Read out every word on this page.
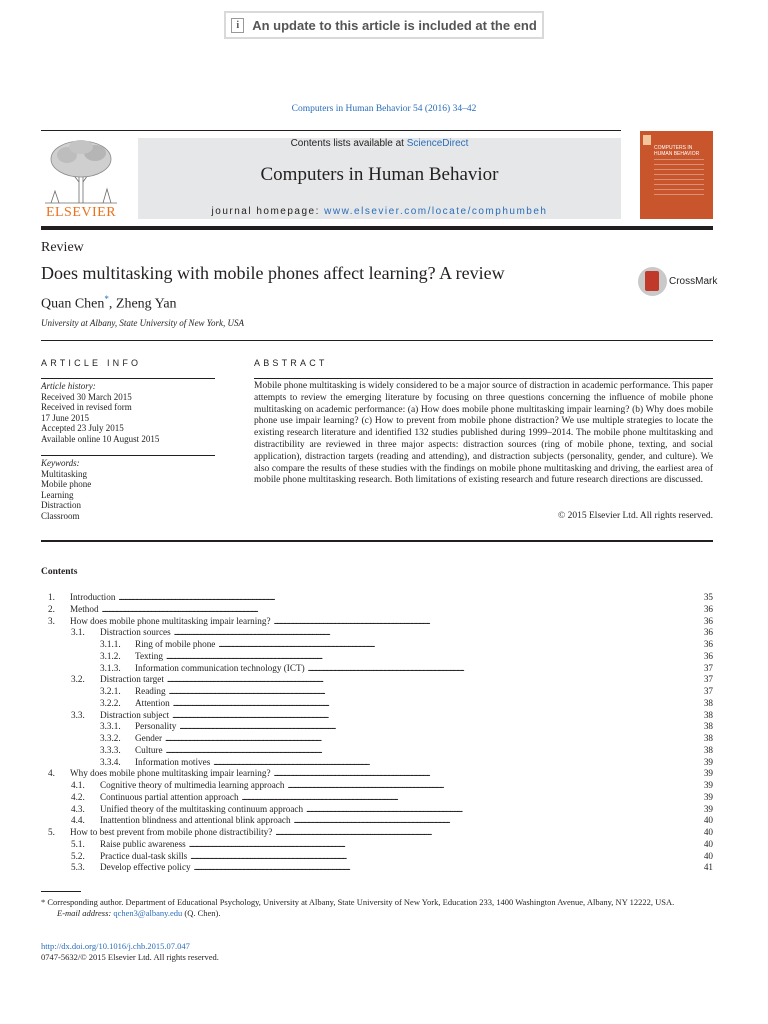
i	An update to this article is included at the end
Computers in Human Behavior 54 (2016) 34–42
ELSEVIER
Contents lists available at ScienceDirect
Computers in Human Behavior
journal homepage: www.elsevier.com/locate/comphumbeh
COMPUTERS IN HUMAN BEHAVIOR
Review
Does multitasking with mobile phones affect learning? A review	CrossMark
Quan Chen*, Zheng Yan
University at Albany, State University of New York, USA
ARTICLE INFO	ABSTRACT
Article history:
Received 30 March 2015
Received in revised form
17 June 2015
Accepted 23 July 2015
Available online 10 August 2015
Keywords:
Multitasking
Mobile phone
Learning
Distraction
Classroom
Mobile phone multitasking is widely considered to be a major source of distraction in academic performance. This paper attempts to review the emerging literature by focusing on three questions concerning the influence of mobile phone multitasking on academic performance: (a) How does mobile phone multitasking impair learning? (b) Why does mobile phone use impair learning? (c) How to prevent from mobile phone distraction? We use multiple strategies to locate the existing research literature and identified 132 studies published during 1999–2014. The mobile phone multitasking and distractibility are reviewed in three major aspects: distraction sources (ring of mobile phone, texting, and social application), distraction targets (reading and attending), and distraction subjects (personality, gender, and culture). We also compare the results of these studies with the findings on mobile phone multitasking and driving, the earliest area of mobile phone multitasking research. Both limitations of existing research and future research directions are discussed.
© 2015 Elsevier Ltd. All rights reserved.
Contents
1. Introduction . . .	35
2. Method . . .	36
3. How does mobile phone multitasking impair learning? . . .	36
3.1. Distraction sources . . .	36
3.1.1. Ring of mobile phone . . .	36
3.1.2. Texting . . .	36
3.1.3. Information communication technology (ICT) . . .	37
3.2. Distraction target . . .	37
3.2.1. Reading . . .	37
3.2.2. Attention . . .	38
3.3. Distraction subject . . .	38
3.3.1. Personality . . .	38
3.3.2. Gender . . .	38
3.3.3. Culture . . .	38
3.3.4. Information motives . . .	39
4. Why does mobile phone multitasking impair learning? . . .	39
4.1. Cognitive theory of multimedia learning approach . . .	39
4.2. Continuous partial attention approach . . .	39
4.3. Unified theory of the multitasking continuum approach . . .	39
4.4. Inattention blindness and attentional blink approach . . .	40
5. How to best prevent from mobile phone distractibility? . . .	40
5.1. Raise public awareness . . .	40
5.2. Practice dual-task skills . . .	40
5.3. Develop effective policy . . .	41
* Corresponding author. Department of Educational Psychology, University at Albany, State University of New York, Education 233, 1400 Washington Avenue, Albany, NY 12222, USA.
E-mail address: qchen3@albany.edu (Q. Chen).
http://dx.doi.org/10.1016/j.chb.2015.07.047
0747-5632/© 2015 Elsevier Ltd. All rights reserved.
